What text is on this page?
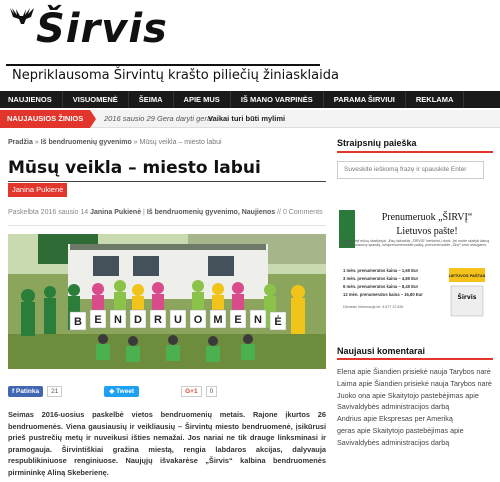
Širvis
Nepriklausoma Širvintų krašto piliečių žiniasklaida
NAUJIENOS	VISUOMENĖ	ŠEIMA	APIE MUS	IŠ MANO VARPINĖS	PARAMA ŠIRVIUI	REKLAMA
NAUJAUSIOS ŽINIOS	2016 sausio 29 Gera daryti gera:
Vaikai turi būti mylimi
Pradžia » Iš bendruomenių gyvenimo » Mūsų veikla – miesto labui
Mūsų veikla – miesto labui
Janina Pukienė
Paskelbta 2016 sausio 14 Janina Pukienė | Iš bendruomenių gyvenimo, Naujienos // 0 Comments
B E N D R U O M E N Ė
f Patinka	21	◆ Tweet	G+1	0

Seimas 2016-uosius paskelbė vietos bendruomenių metais. Rajone įkurtos 26 bendruomenės. Viena gausiausių ir veikliausių – Širvintų miesto bendruomenė, įsikūrusi prieš pustrečių metų ir nuveikusi išties nemažai. Jos nariai ne tik drauge linksminasi ir pramogauja. Širvintiškiai gražina miestą, rengia labdaros akcijas, dalyvauja respublikiniuose renginiuose. Naujųjų išvakarėse „Širvis“ kalbina bendruomenės pirmininkę Aliną Skeberienę.

Straipsnių paieška
Suveskite ieškomą frazę ir spauskite Enter
Prenumeruok „ŠIRVĮ“
Lietuvos pašte!
Gerbiamieji mūsų skaitytojai. Jūsų laikraštis „ŠIRVIS“ beišeina į duris. Jei norite skaityti laisvą ir nepriklausomą spaudą, užsiprenumeruokite paštą, prenumeruokite „Širvį“ savo draugams.
1 mėn. prenumeratos kaina – 1,60 Eur
3 mėn. prenumeratos kaina – 4,80 Eur
6 mėn. prenumeratos kaina – 8,40 Eur
12 mėn. prenumeratos kaina – 16,80 Eur
Dėmesio informacija tel. 8 677 22 836
LIETUVOS PAŠTAS
Širvis
Naujausi komentarai
Elena apie Šiandien prisiekė nauja Tarybos narė
Laima apie Šiandien prisiekė nauja Tarybos narė
Juoko ona apie Skaitytojo pastebėjimas apie Savivaldybės administracijos darbą
Andrius apie Ekspresas per Ameriką
geras apie Skaitytojo pastebėjimas apie Savivaldybės administracijos darbą
